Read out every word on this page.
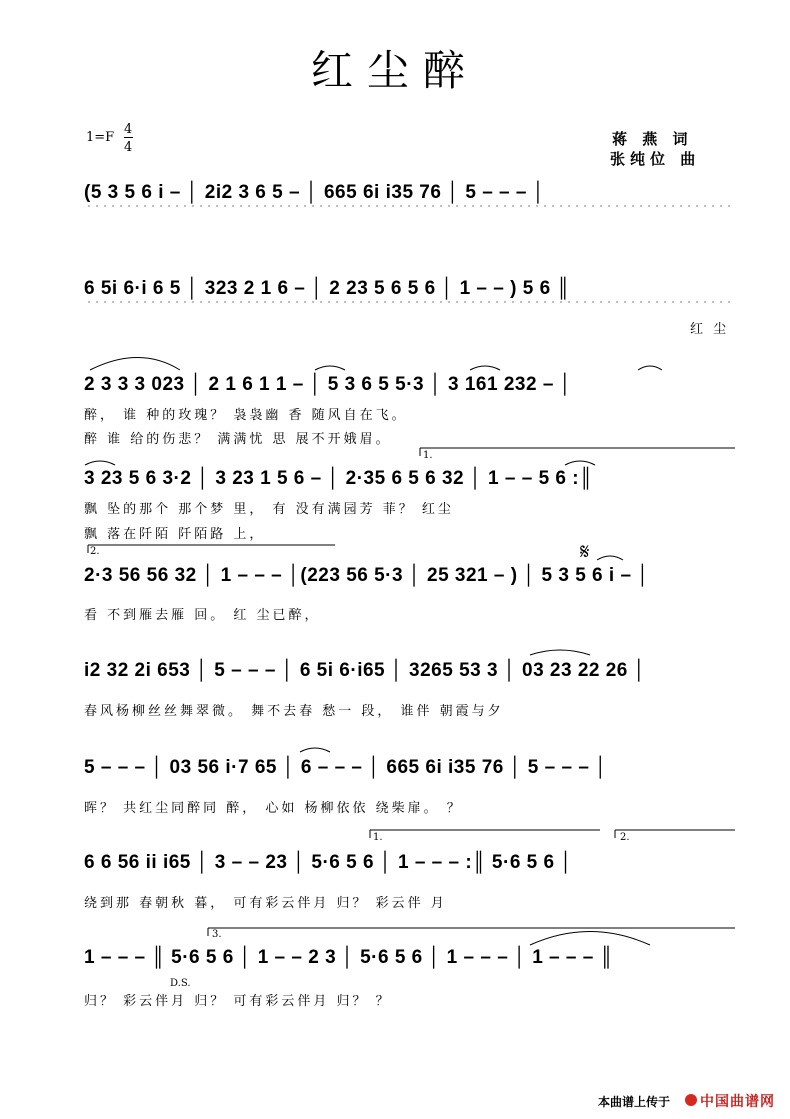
红尘醉
1=F
4
4	蒋 燕 词
张纯位 曲
(5 3 5 6 i – │ 2i2 3 6 5 – │ 665 6i i35 76 │ 5 – – – │
6 5i 6·i 6 5 │ 323 2 1 6 – │ 2 23 5 6 5 6 │ 1 – – ) 5 6 ║
红 尘
2 3 3 3 023 │ 2 1 6 1 1 – │ 5 3 6 5 5·3 │ 3 161 232 – │
醉， 谁 种的玫瑰？ 袅袅幽 香 随风自在飞。
醉 谁 给的伤悲？ 满满忧 思 展不开娥眉。
1.
3 23 5 6 3·2 │ 3 23 1 5 6 – │ 2·35 6 5 6 32 │ 1 – – 5 6 :║
飘 坠的那个 那个梦 里， 有 没有满园芳 菲？ 红尘
飘 落在阡陌 阡陌路 上，
2.	𝄋
2·3 56 56 32 │ 1 – – – │(223 56 5·3 │ 25 321 – ) │ 5 3 5 6 i – │
看 不到雁去雁 回。 红 尘已醉，
i2 32 2i 653 │ 5 – – – │ 6 5i 6·i65 │ 3265 53 3 │ 03 23 22 26 │
春风杨柳丝丝舞翠微。 舞不去春 愁一 段， 谁伴 朝霞与夕
5 – – – │ 03 56 i·7 65 │ 6 – – – │ 665 6i i35 76 │ 5 – – – │
晖？ 共红尘同醉同 醉， 心如 杨柳依依 绕柴扉。 ？
1.	2.
6 6 56 ii i65 │ 3 – – 23 │ 5·6 5 6 │ 1 – – – :║ 5·6 5 6 │
绕到那 春朝秋 暮， 可有彩云伴月 归？ 彩云伴 月
3.
1 – – – ║ 5·6 5 6 │ 1 – – 2 3 │ 5·6 5 6 │ 1 – – – │ 1 – – – ║
D.S.
归？ 彩云伴月 归？ 可有彩云伴月 归？ ？
本曲谱上传于 中国曲谱网
